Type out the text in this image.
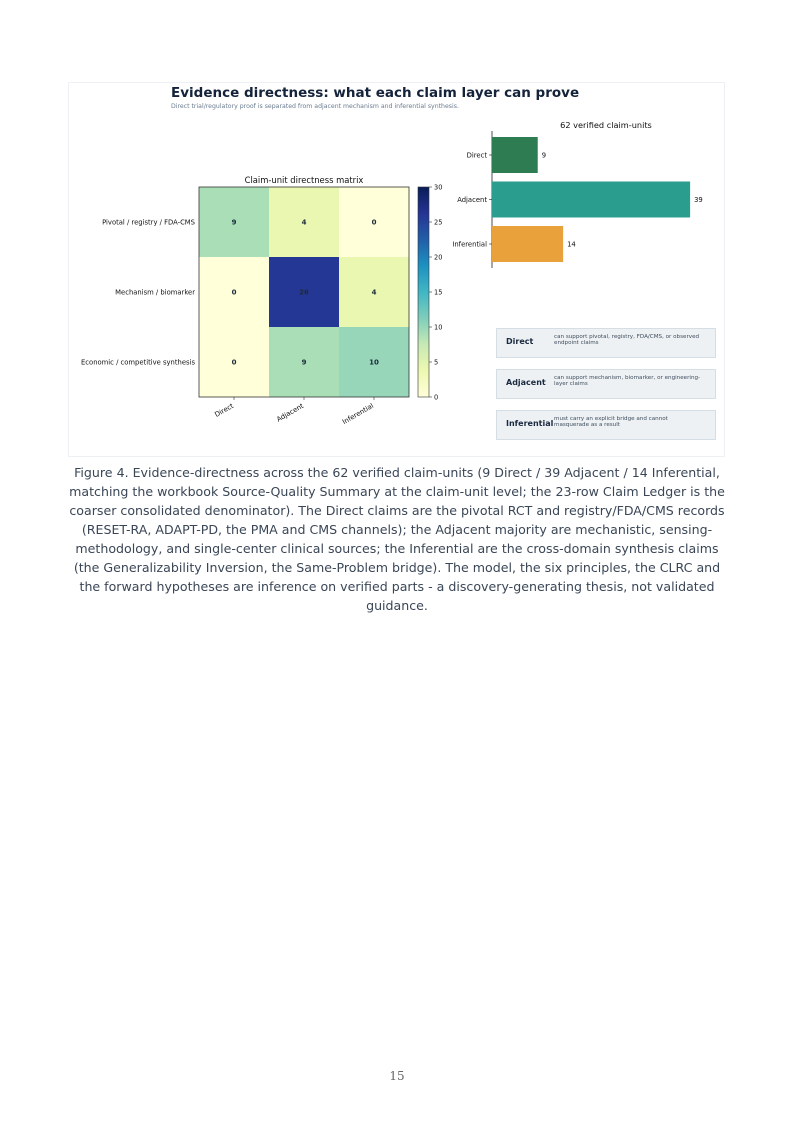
Evidence directness: what each claim layer can prove
Direct trial/regulatory proof is separated from adjacent mechanism and inferential synthesis.
Claim-unit directness matrix
9	4	0
Pivotal / registry / FDA-CMS
0	26	4
Mechanism / biomarker
0	9	10
Economic / competitive synthesis
Direct	Adjacent	Inferential
0
5
10
15
20
25
30
62 verified claim-units
Direct	9
Adjacent	39
Inferential	14
Direct	can support pivotal, registry, FDA/CMS, or observed endpoint claims
Adjacent can support mechanism, biomarker, or engineering-layer claims
Inferential must carry an explicit bridge and cannot masquerade as a result
Figure 4. Evidence-directness across the 62 verified claim-units (9 Direct / 39 Adjacent / 14 Inferential, matching the workbook Source-Quality Summary at the claim-unit level; the 23-row Claim Ledger is the coarser consolidated denominator). The Direct claims are the pivotal RCT and registry/FDA/CMS records (RESET-RA, ADAPT-PD, the PMA and CMS channels); the Adjacent majority are mechanistic, sensing-methodology, and single-center clinical sources; the Inferential are the cross-domain synthesis claims (the Generalizability Inversion, the Same-Problem bridge). The model, the six principles, the CLRC and the forward hypotheses are inference on verified parts - a discovery-generating thesis, not validated guidance.
15
